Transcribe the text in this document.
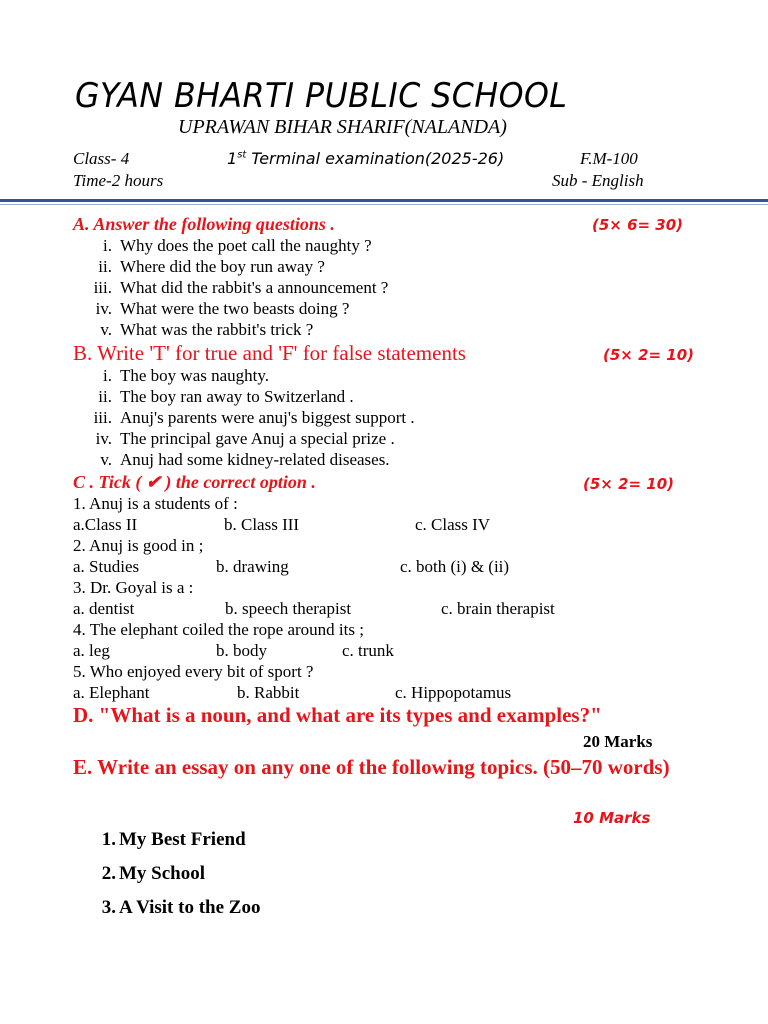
GYAN BHARTI PUBLIC SCHOOL
UPRAWAN BIHAR SHARIF(NALANDA)
Class- 4	1st Terminal examination(2025-26)	F.M-100
Time-2 hours	Sub - English
A. Answer the following questions .	(5× 6= 30)
i. Why does the poet call the naughty ?
ii. Where did the boy run away ?
iii. What did the rabbit's a announcement ?
iv. What were the two beasts doing ?
v. What was the rabbit's trick ?
B. Write 'T' for true and 'F' for false statements	(5× 2= 10)
i. The boy was naughty.
ii. The boy ran away to Switzerland .
iii. Anuj's parents were anuj's biggest support .
iv. The principal gave Anuj a special prize .
v. Anuj had some kidney-related diseases.
C . Tick ( ✔ ) the correct option .	(5× 2= 10)
1. Anuj is a students of :
a.Class II	b. Class III	c. Class IV
2. Anuj is good in ;
a. Studies	b. drawing	c. both (i) & (ii)
3. Dr. Goyal is a :
a. dentist	b. speech therapist	c. brain therapist
4. The elephant coiled the rope around its ;
a. leg	b. body	c. trunk
5. Who enjoyed every bit of sport ?
a. Elephant	b. Rabbit	c. Hippopotamus
D. "What is a noun, and what are its types and examples?"
20 Marks
E. Write an essay on any one of the following topics. (50–70 words)
10 Marks
1. My Best Friend
2. My School
3. A Visit to the Zoo
